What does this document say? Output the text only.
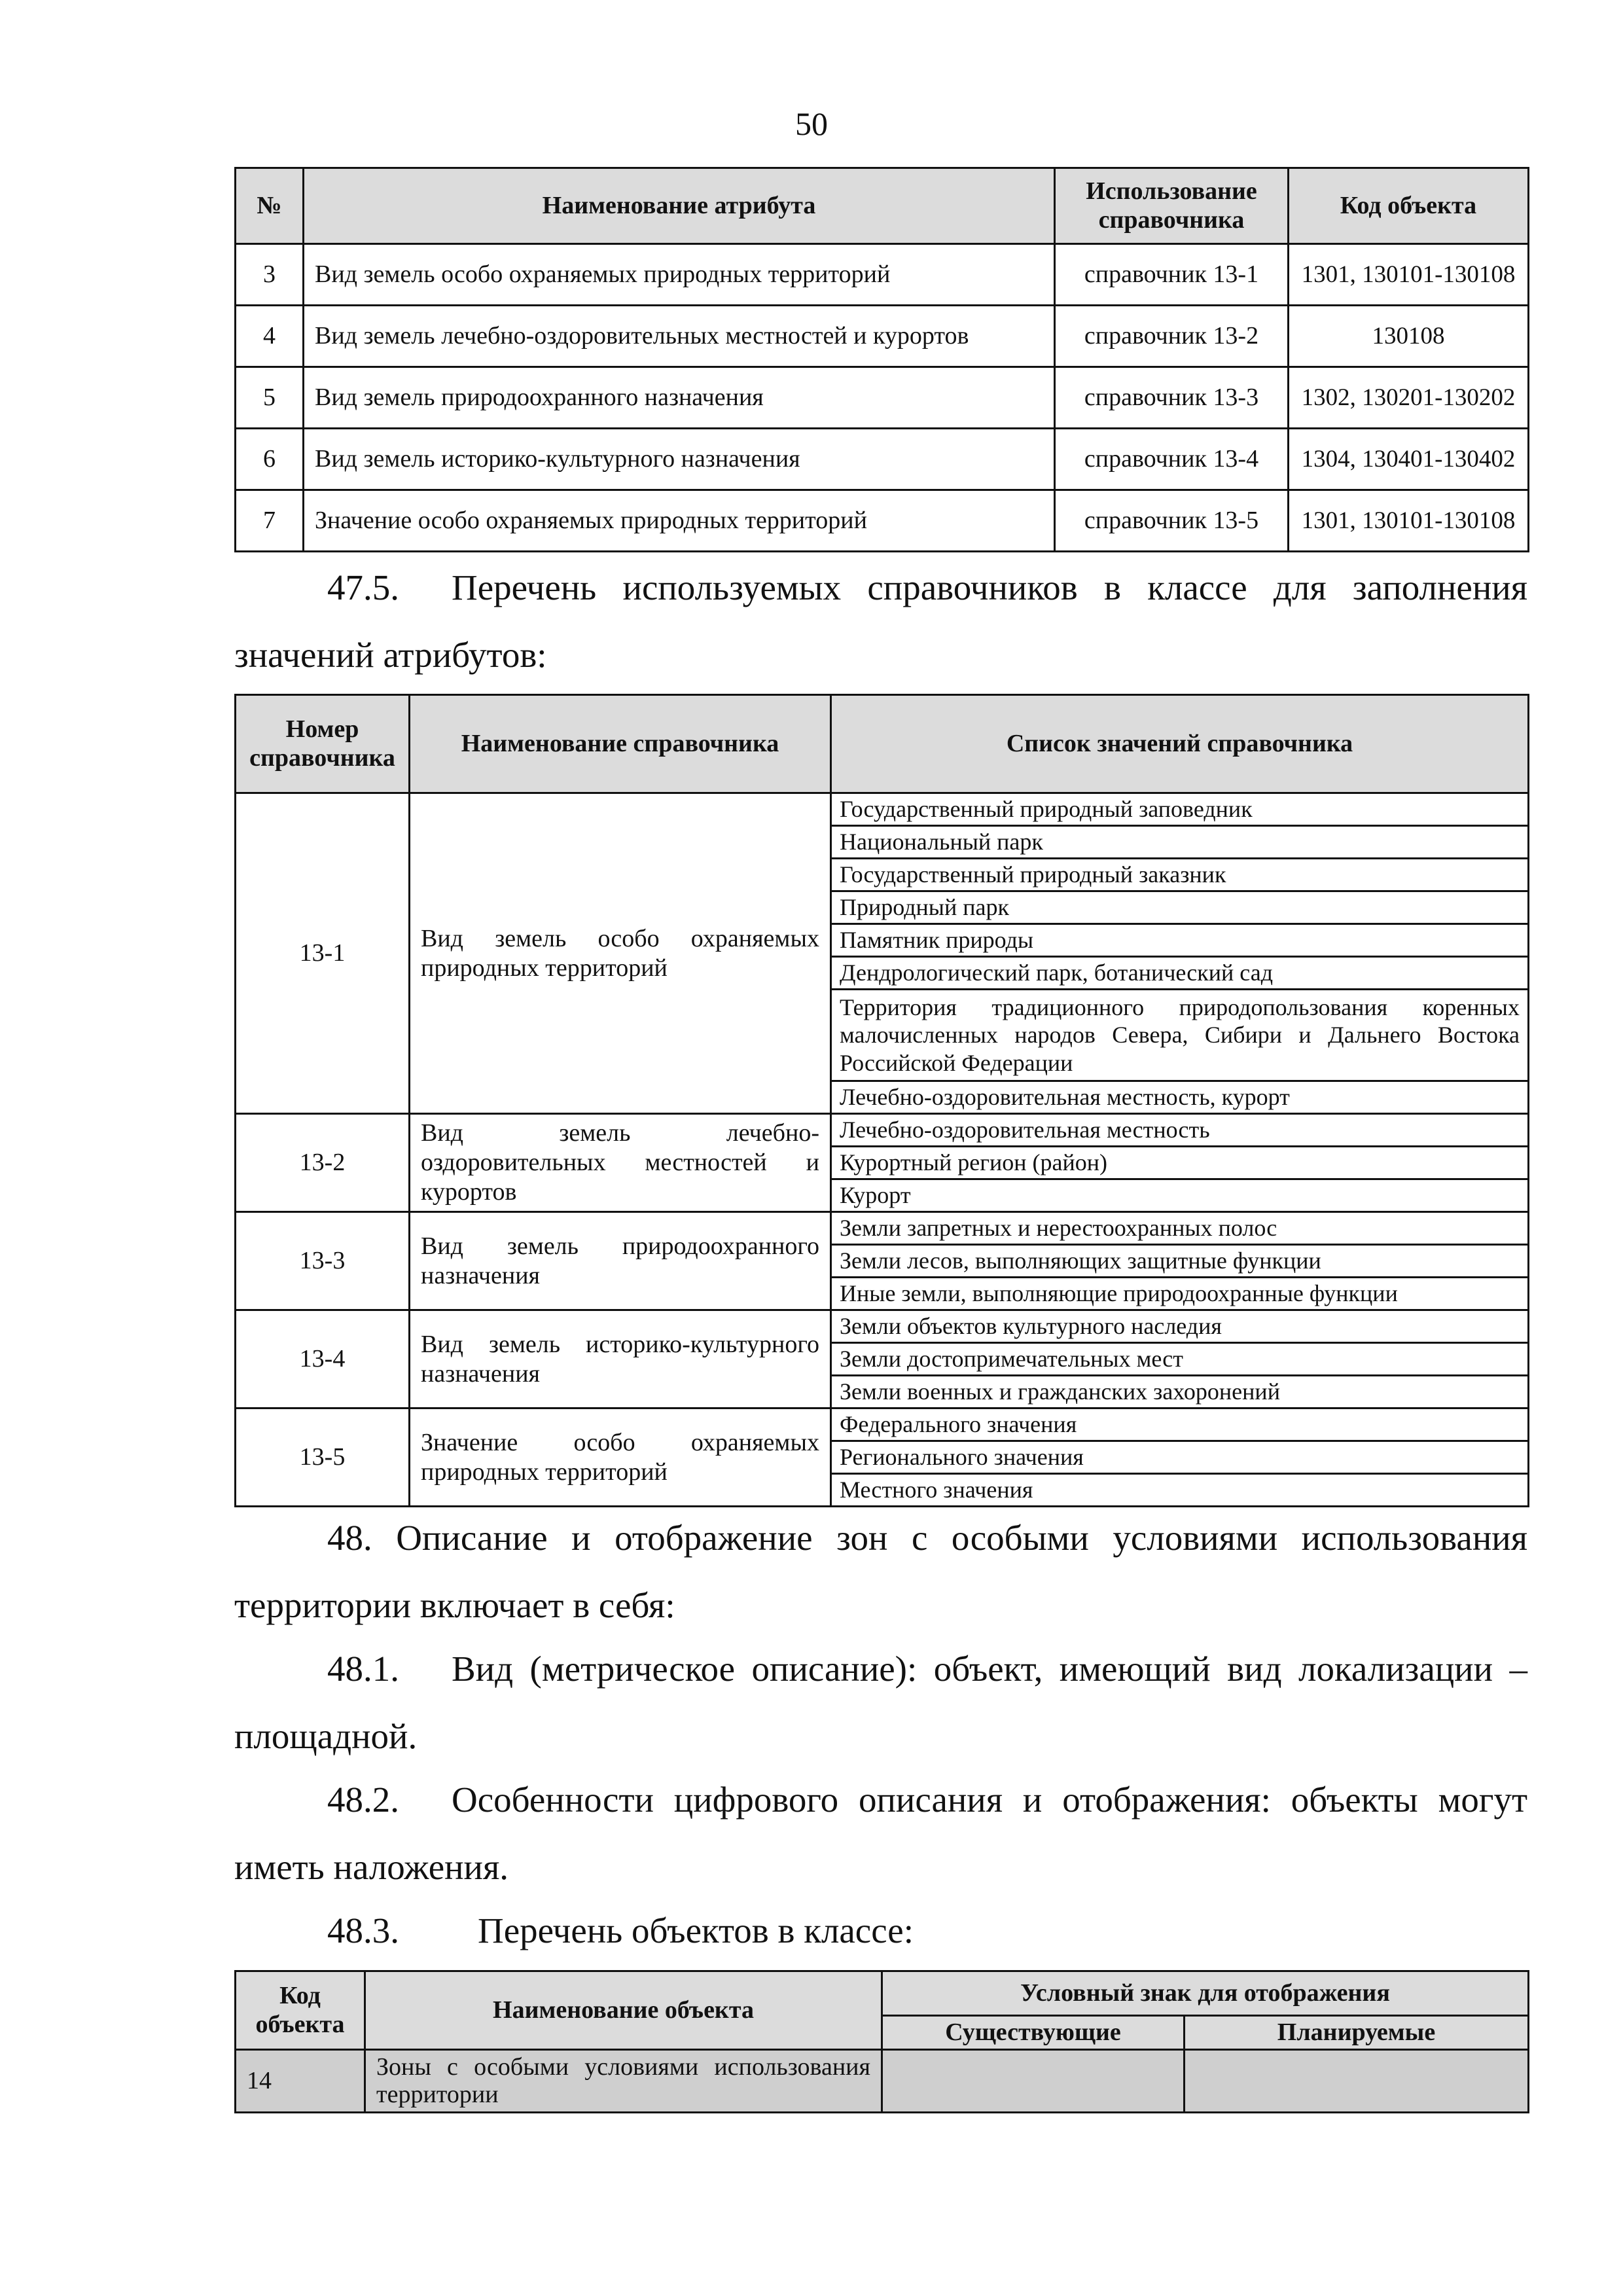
50
№	Наименование атрибута	Использование справочника	Код объекта
3	Вид земель особо охраняемых природных территорий	справочник 13-1	1301, 130101-130108
4	Вид земель лечебно-оздоровительных местностей и курортов	справочник 13-2	130108
5	Вид земель природоохранного назначения	справочник 13-3	1302, 130201-130202
6	Вид земель историко-культурного назначения	справочник 13-4	1304, 130401-130402
7	Значение особо охраняемых природных территорий	справочник 13-5	1301, 130101-130108
47.5. Перечень используемых справочников в классе для заполнения
значений атрибутов:
Номер справочника	Наименование справочника	Список значений справочника
13-1	Вид земель особо охраняемых природных территорий	Государственный природный заповедник
		Национальный парк
		Государственный природный заказник
		Природный парк
		Памятник природы
		Дендрологический парк, ботанический сад
		Территория традиционного природопользования коренных малочисленных народов Севера, Сибири и Дальнего Востока Российской Федерации
		Лечебно-оздоровительная местность, курорт
13-2	Вид земель лечебно-оздоровительных местностей и курортов	Лечебно-оздоровительная местность
		Курортный регион (район)
		Курорт
13-3	Вид земель природоохранного назначения	Земли запретных и нерестоохранных полос
		Земли лесов, выполняющих защитные функции
		Иные земли, выполняющие природоохранные функции
13-4	Вид земель историко-культурного назначения	Земли объектов культурного наследия
		Земли достопримечательных мест
		Земли военных и гражданских захоронений
13-5	Значение особо охраняемых природных территорий	Федерального значения
		Регионального значения
		Местного значения
48. Описание и отображение зон с особыми условиями использования
территории включает в себя:
48.1. Вид (метрическое описание): объект, имеющий вид локализации –
площадной.
48.2. Особенности цифрового описания и отображения: объекты могут
иметь наложения.
48.3. Перечень объектов в классе:
Код объекта	Наименование объекта	Условный знак для отображения	
		Существующие	Планируемые
14	Зоны с особыми условиями использования территории		
